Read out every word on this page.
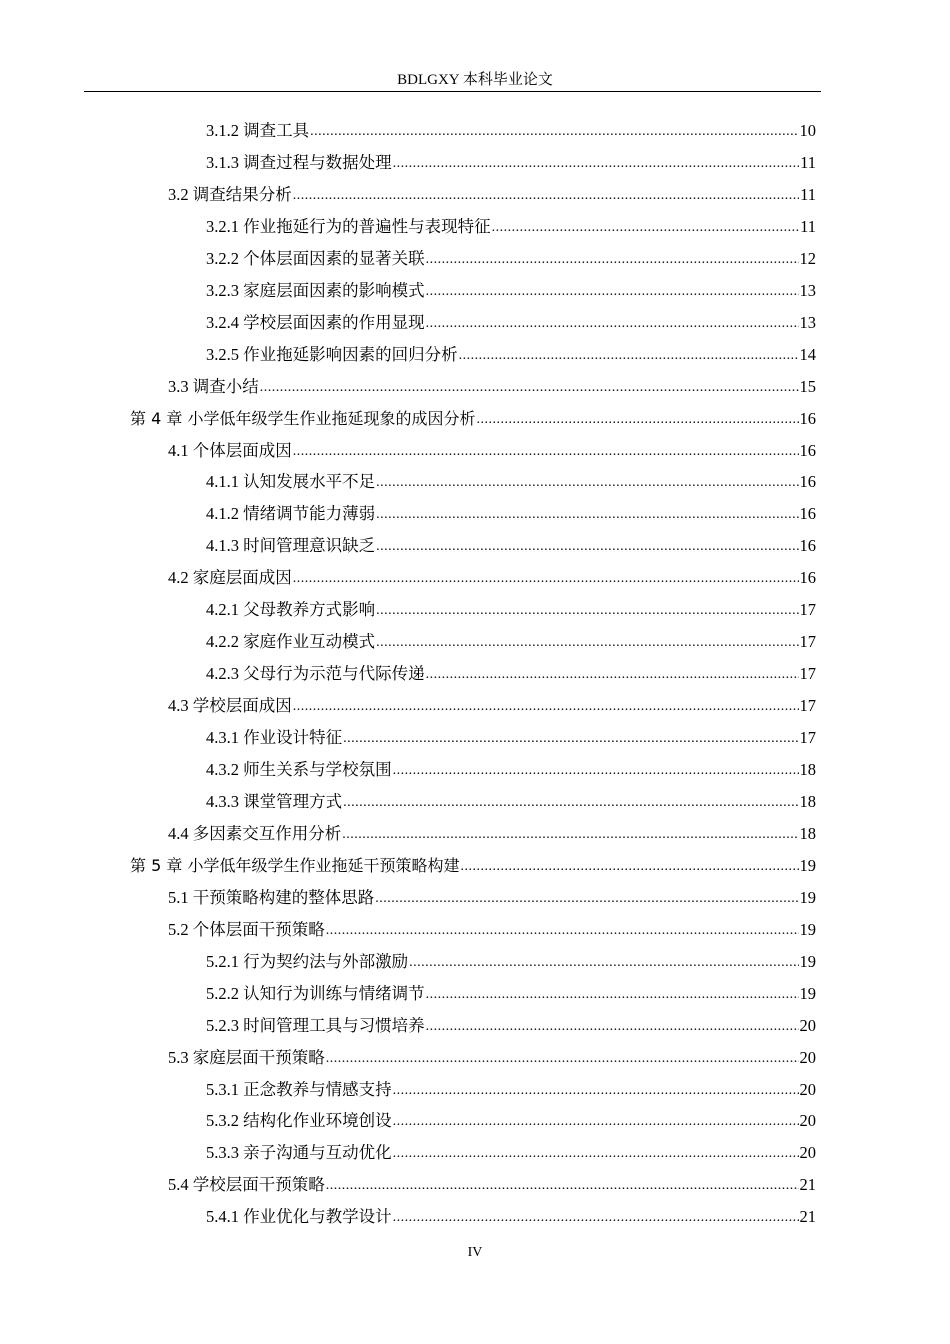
BDLGXY 本科毕业论文
3.1.2 调查工具 .....	10
3.1.3 调查过程与数据处理 .....	11
3.2 调查结果分析 .....	11
3.2.1 作业拖延行为的普遍性与表现特征 .....	11
3.2.2 个体层面因素的显著关联 .....	12
3.2.3 家庭层面因素的影响模式 .....	13
3.2.4 学校层面因素的作用显现 .....	13
3.2.5 作业拖延影响因素的回归分析 .....	14
3.3 调查小结 .....	15
第 4 章 小学低年级学生作业拖延现象的成因分析 .....	16
4.1 个体层面成因 .....	16
4.1.1 认知发展水平不足 .....	16
4.1.2 情绪调节能力薄弱 .....	16
4.1.3 时间管理意识缺乏 .....	16
4.2 家庭层面成因 .....	16
4.2.1 父母教养方式影响 .....	17
4.2.2 家庭作业互动模式 .....	17
4.2.3 父母行为示范与代际传递 .....	17
4.3 学校层面成因 .....	17
4.3.1 作业设计特征 .....	17
4.3.2 师生关系与学校氛围 .....	18
4.3.3 课堂管理方式 .....	18
4.4 多因素交互作用分析 .....	18
第 5 章 小学低年级学生作业拖延干预策略构建 .....	19
5.1 干预策略构建的整体思路 .....	19
5.2 个体层面干预策略 .....	19
5.2.1 行为契约法与外部激励 .....	19
5.2.2 认知行为训练与情绪调节 .....	19
5.2.3 时间管理工具与习惯培养 .....	20
5.3 家庭层面干预策略 .....	20
5.3.1 正念教养与情感支持 .....	20
5.3.2 结构化作业环境创设 .....	20
5.3.3 亲子沟通与互动优化 .....	20
5.4 学校层面干预策略 .....	21
5.4.1 作业优化与教学设计 .....	21
IV
